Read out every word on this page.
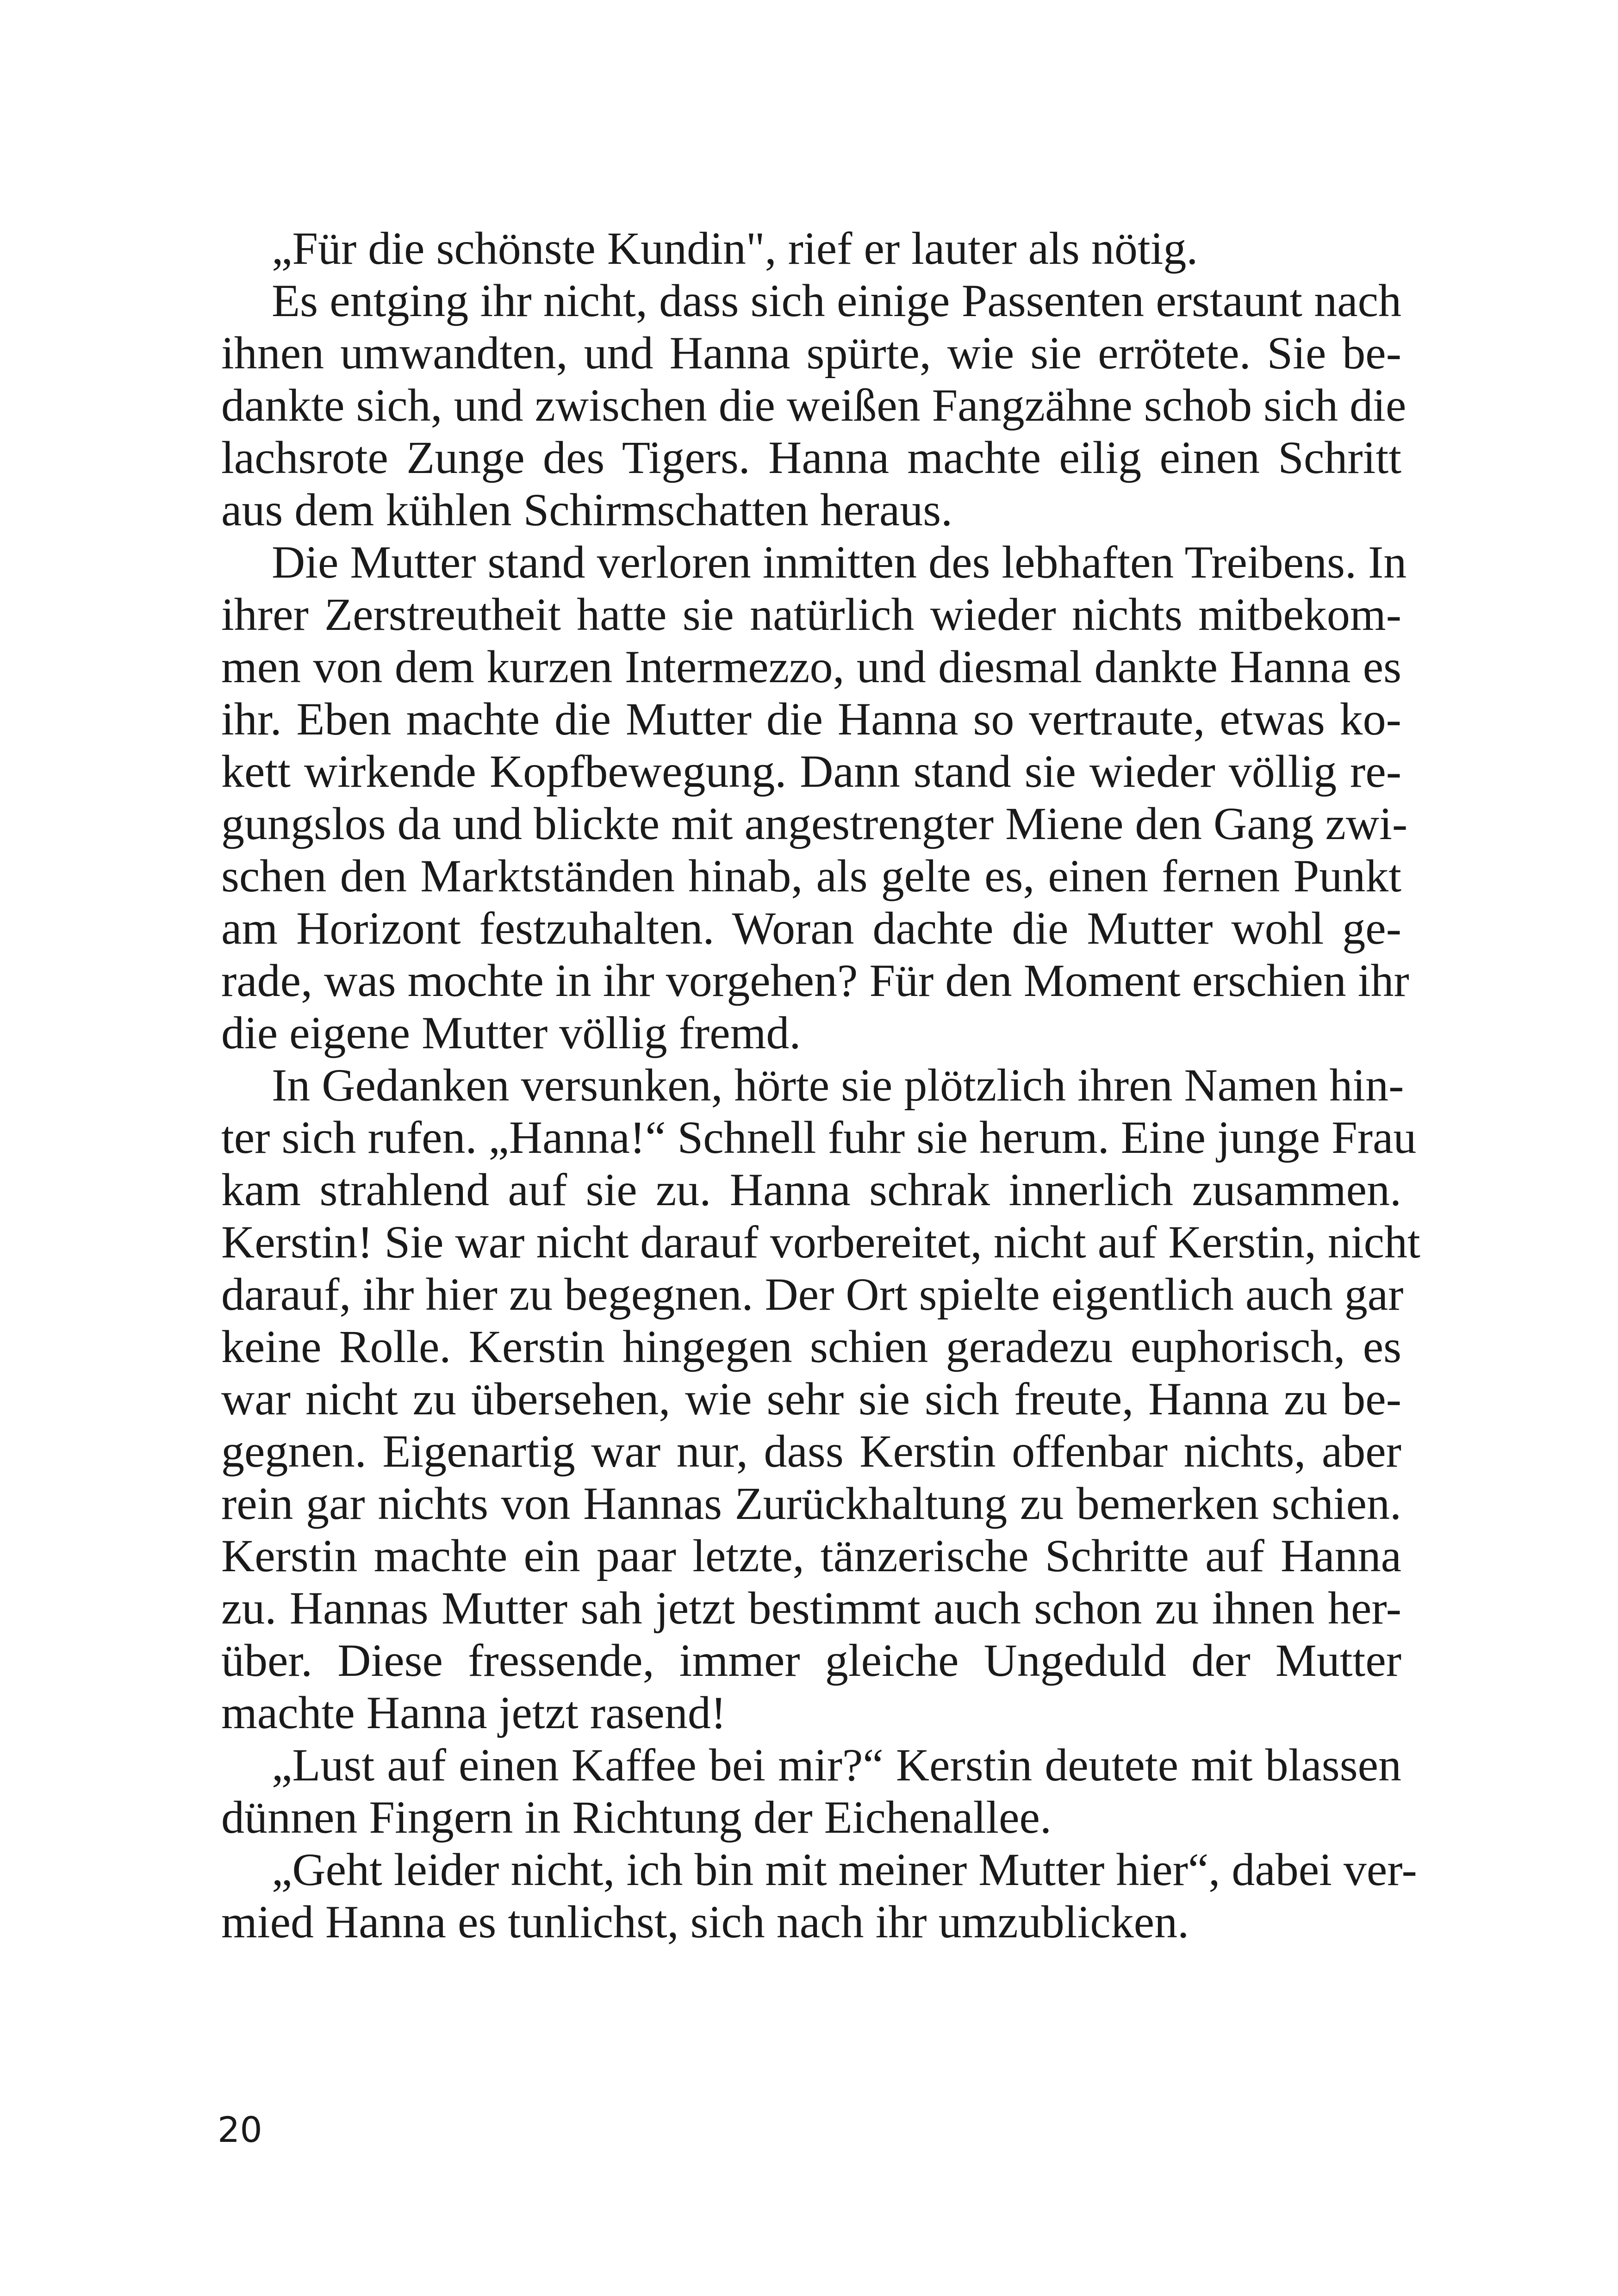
„Für die schönste Kundin", rief er lauter als nötig.
Es entging ihr nicht, dass sich einige Passenten erstaunt nach
ihnen umwandten, und Hanna spürte, wie sie errötete. Sie be-
dankte sich, und zwischen die weißen Fangzähne schob sich die
lachsrote Zunge des Tigers. Hanna machte eilig einen Schritt
aus dem kühlen Schirmschatten heraus.
Die Mutter stand verloren inmitten des lebhaften Treibens. In
ihrer Zerstreutheit hatte sie natürlich wieder nichts mitbekom-
men von dem kurzen Intermezzo, und diesmal dankte Hanna es
ihr. Eben machte die Mutter die Hanna so vertraute, etwas ko-
kett wirkende Kopfbewegung. Dann stand sie wieder völlig re-
gungslos da und blickte mit angestrengter Miene den Gang zwi-
schen den Marktständen hinab, als gelte es, einen fernen Punkt
am Horizont festzuhalten. Woran dachte die Mutter wohl ge-
rade, was mochte in ihr vorgehen? Für den Moment erschien ihr
die eigene Mutter völlig fremd.
In Gedanken versunken, hörte sie plötzlich ihren Namen hin-
ter sich rufen. „Hanna!“ Schnell fuhr sie herum. Eine junge Frau
kam strahlend auf sie zu. Hanna schrak innerlich zusammen.
Kerstin! Sie war nicht darauf vorbereitet, nicht auf Kerstin, nicht
darauf, ihr hier zu begegnen. Der Ort spielte eigentlich auch gar
keine Rolle. Kerstin hingegen schien geradezu euphorisch, es
war nicht zu übersehen, wie sehr sie sich freute, Hanna zu be-
gegnen. Eigenartig war nur, dass Kerstin offenbar nichts, aber
rein gar nichts von Hannas Zurückhaltung zu bemerken schien.
Kerstin machte ein paar letzte, tänzerische Schritte auf Hanna
zu. Hannas Mutter sah jetzt bestimmt auch schon zu ihnen her-
über. Diese fressende, immer gleiche Ungeduld der Mutter
machte Hanna jetzt rasend!
„Lust auf einen Kaffee bei mir?“ Kerstin deutete mit blassen
dünnen Fingern in Richtung der Eichenallee.
„Geht leider nicht, ich bin mit meiner Mutter hier“, dabei ver-
mied Hanna es tunlichst, sich nach ihr umzublicken.
20
